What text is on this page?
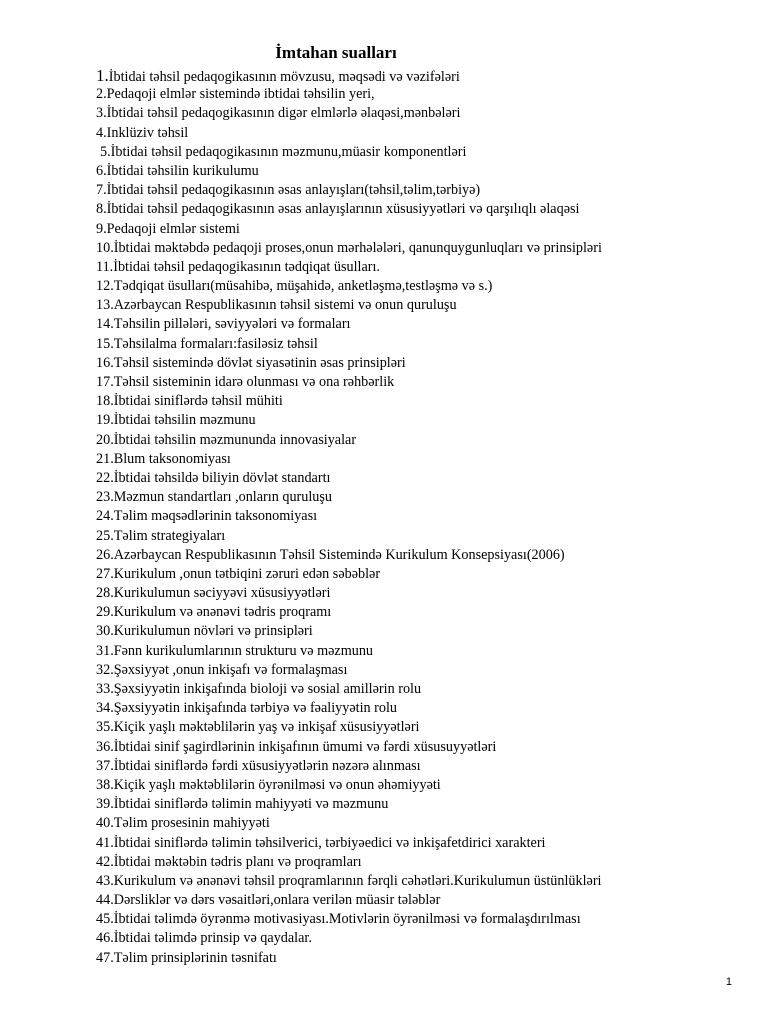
İmtahan sualları
1.İbtidai təhsil pedaqogikasının mövzusu, məqsədi və vəzifələri
2.Pedaqoji elmlər sistemində ibtidai təhsilin yeri,
3.İbtidai təhsil pedaqogikasının digər elmlərlə əlaqəsi,mənbələri
4.Inklüziv təhsil
5.İbtidai təhsil pedaqogikasının məzmunu,müasir komponentləri
6.İbtidai təhsilin kurikulumu
7.İbtidai təhsil pedaqogikasının əsas anlayışları(təhsil,təlim,tərbiyə)
8.İbtidai təhsil pedaqogikasının əsas anlayışlarının xüsusiyyətləri və qarşılıqlı əlaqəsi
9.Pedaqoji elmlər sistemi
10.İbtidai məktəbdə pedaqoji proses,onun mərhələləri, qanunquygunluqları və prinsipləri
11.İbtidai təhsil pedaqogikasının tədqiqat üsulları.
12.Tədqiqat üsulları(müsahibə, müşahidə, anketləşmə,testləşmə və s.)
13.Azərbaycan Respublikasının təhsil sistemi və onun quruluşu
14.Təhsilin pillələri, səviyyələri və formaları
15.Təhsilalma formaları:fasiləsiz təhsil
16.Təhsil sistemində dövlət siyasətinin əsas prinsipləri
17.Təhsil sisteminin idarə olunması və ona rəhbərlik
18.İbtidai siniflərdə təhsil mühiti
19.İbtidai təhsilin məzmunu
20.İbtidai təhsilin məzmununda innovasiyalar
21.Blum taksonomiyası
22.İbtidai təhsildə biliyin dövlət standartı
23.Məzmun standartları ,onların quruluşu
24.Təlim məqsədlərinin taksonomiyası
25.Təlim strategiyaları
26.Azərbaycan Respublikasının Təhsil Sistemində Kurikulum Konsepsiyası(2006)
27.Kurikulum ,onun tətbiqini zəruri edən səbəblər
28.Kurikulumun səciyyəvi xüsusiyyətləri
29.Kurikulum və ənənəvi tədris proqramı
30.Kurikulumun növləri və prinsipləri
31.Fənn kurikulumlarının strukturu və məzmunu
32.Şəxsiyyət ,onun inkişafı və formalaşması
33.Şəxsiyyətin inkişafında bioloji və sosial amillərin rolu
34.Şəxsiyyətin inkişafında tərbiyə və fəaliyyətin rolu
35.Kiçik yaşlı məktəblilərin yaş və inkişaf xüsusiyyətləri
36.İbtidai sinif şagirdlərinin inkişafının ümumi və fərdi xüsusuyyətləri
37.İbtidai siniflərdə fərdi xüsusiyyətlərin nəzərə alınması
38.Kiçik yaşlı məktəblilərin öyrənilməsi və onun əhəmiyyəti
39.İbtidai siniflərdə təlimin mahiyyəti və məzmunu
40.Təlim prosesinin mahiyyəti
41.İbtidai siniflərdə təlimin təhsilverici, tərbiyəedici və inkişafetdirici xarakteri
42.İbtidai məktəbin tədris planı və proqramları
43.Kurikulum və ənənəvi təhsil proqramlarının fərqli cəhətləri.Kurikulumun üstünlükləri
44.Dərsliklər və dərs vəsaitləri,onlara verilən müasir tələblər
45.İbtidai təlimdə öyrənmə motivasiyası.Motivlərin öyrənilməsi və formalaşdırılması
46.İbtidai təlimdə prinsip və qaydalar.
47.Təlim prinsiplərinin təsnifatı
1
